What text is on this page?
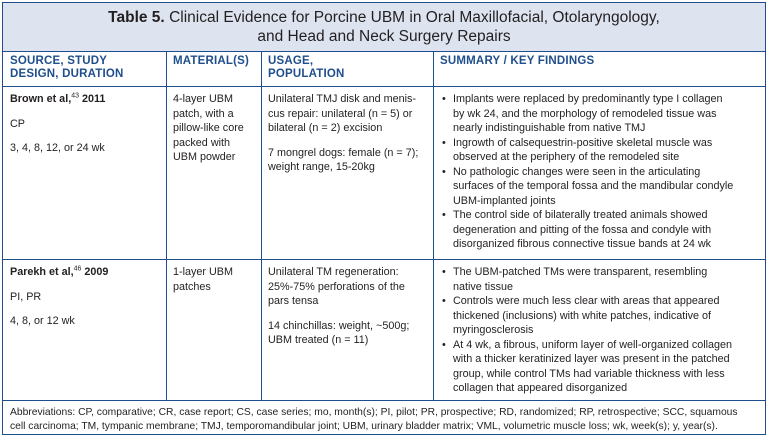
Table 5. Clinical Evidence for Porcine UBM in Oral Maxillofacial, Otolaryngology,
and Head and Neck Surgery Repairs
SOURCE, STUDY
DESIGN, DURATION
MATERIAL(S) USAGE,
POPULATION
SUMMARY / KEY FINDINGS

Brown et al,$^{43}$ 2011

CP

3, 4, 8, 12, or 24 wk

4-layer UBM

patch, with a

pillow-like core

packed with

UBM powder

Unilateral TMJ disk and menis-

cus repair: unilateral (n = 5) or

bilateral (n = 2) excision

7 mongrel dogs: female (n = 7);

weight range, 15-20kg

• Implants were replaced by predominantly type I collagen
by wk 24, and the morphology of remodeled tissue was
nearly indistinguishable from native TMJ
• Ingrowth of calsequestrin-positive skeletal muscle was
observed at the periphery of the remodeled site
• No pathologic changes were seen in the articulating
surfaces of the temporal fossa and the mandibular condyle
UBM-implanted joints
• The control side of bilaterally treated animals showed
degeneration and pitting of the fossa and condyle with
disorganized fibrous connective tissue bands at 24 wk

Parekh et al,$^{46}$ 2009

PI, PR

4, 8, or 12 wk

1-layer UBM

patches

Unilateral TM regeneration:

25%-75% perforations of the

pars tensa

14 chinchillas: weight, ~500g;

UBM treated (n = 11)

• The UBM-patched TMs were transparent, resembling
native tissue
• Controls were much less clear with areas that appeared
thickened (inclusions) with white patches, indicative of
myringosclerosis
• At 4 wk, a fibrous, uniform layer of well-organized collagen
with a thicker keratinized layer was present in the patched
group, while control TMs had variable thickness with less
collagen that appeared disorganized
Abbreviations: CP, comparative; CR, case report; CS, case series; mo, month(s); PI, pilot; PR, prospective; RD, randomized; RP, retrospective; SCC, squamous
cell carcinoma; TM, tympanic membrane; TMJ, temporomandibular joint; UBM, urinary bladder matrix; VML, volumetric muscle loss; wk, week(s); y, year(s).
